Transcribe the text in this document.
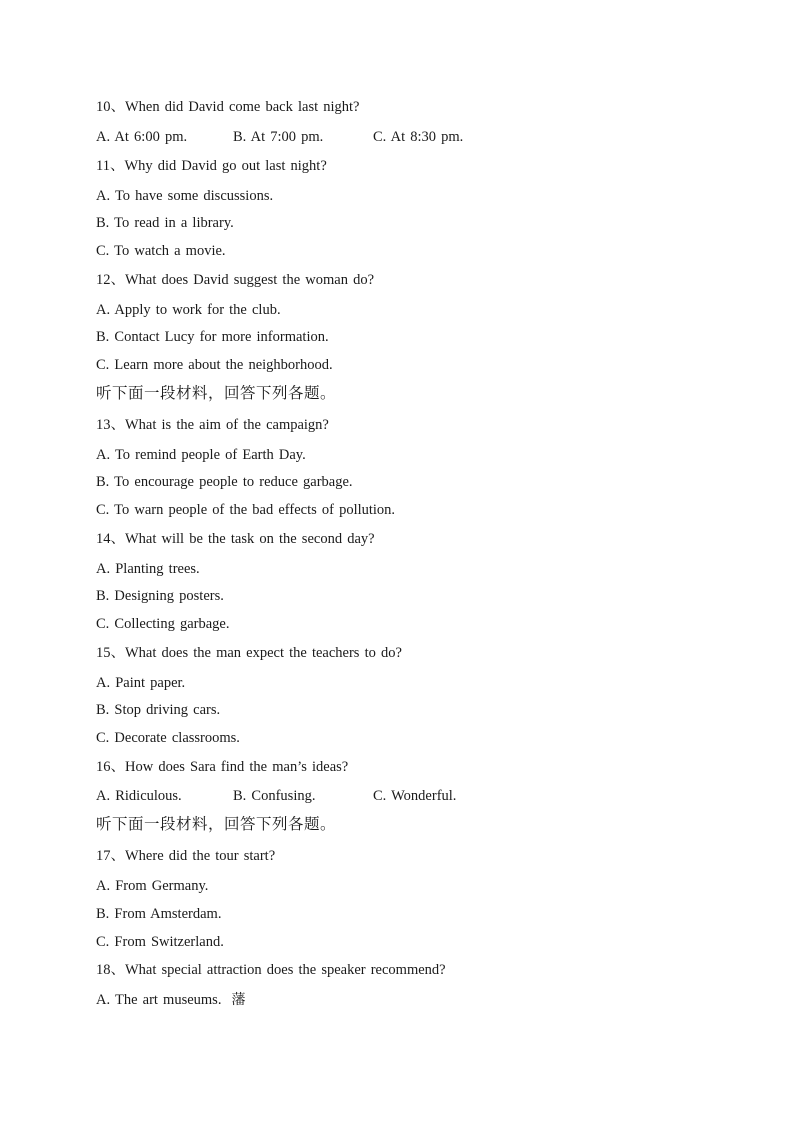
10、When did David come back last night?
A. At 6:00 pm.	B. At 7:00 pm.	C. At 8:30 pm.
11、Why did David go out last night?
A. To have some discussions.
B. To read in a library.
C. To watch a movie.
12、What does David suggest the woman do?
A. Apply to work for the club.
B. Contact Lucy for more information.
C. Learn more about the neighborhood.
听下面一段材料，回答下列各题。
13、What is the aim of the campaign?
A. To remind people of Earth Day.
B. To encourage people to reduce garbage.
C. To warn people of the bad effects of pollution.
14、What will be the task on the second day?
A. Planting trees.
B. Designing posters.
C. Collecting garbage.
15、What does the man expect the teachers to do?
A. Paint paper.
B. Stop driving cars.
C. Decorate classrooms.
16、How does Sara find the man’s ideas?
A. Ridiculous.	B. Confusing.	C. Wonderful.
听下面一段材料，回答下列各题。
17、Where did the tour start?
A. From Germany.
B. From Amsterdam.
C. From Switzerland.
18、What special attraction does the speaker recommend?
A. The art museums. 藩
